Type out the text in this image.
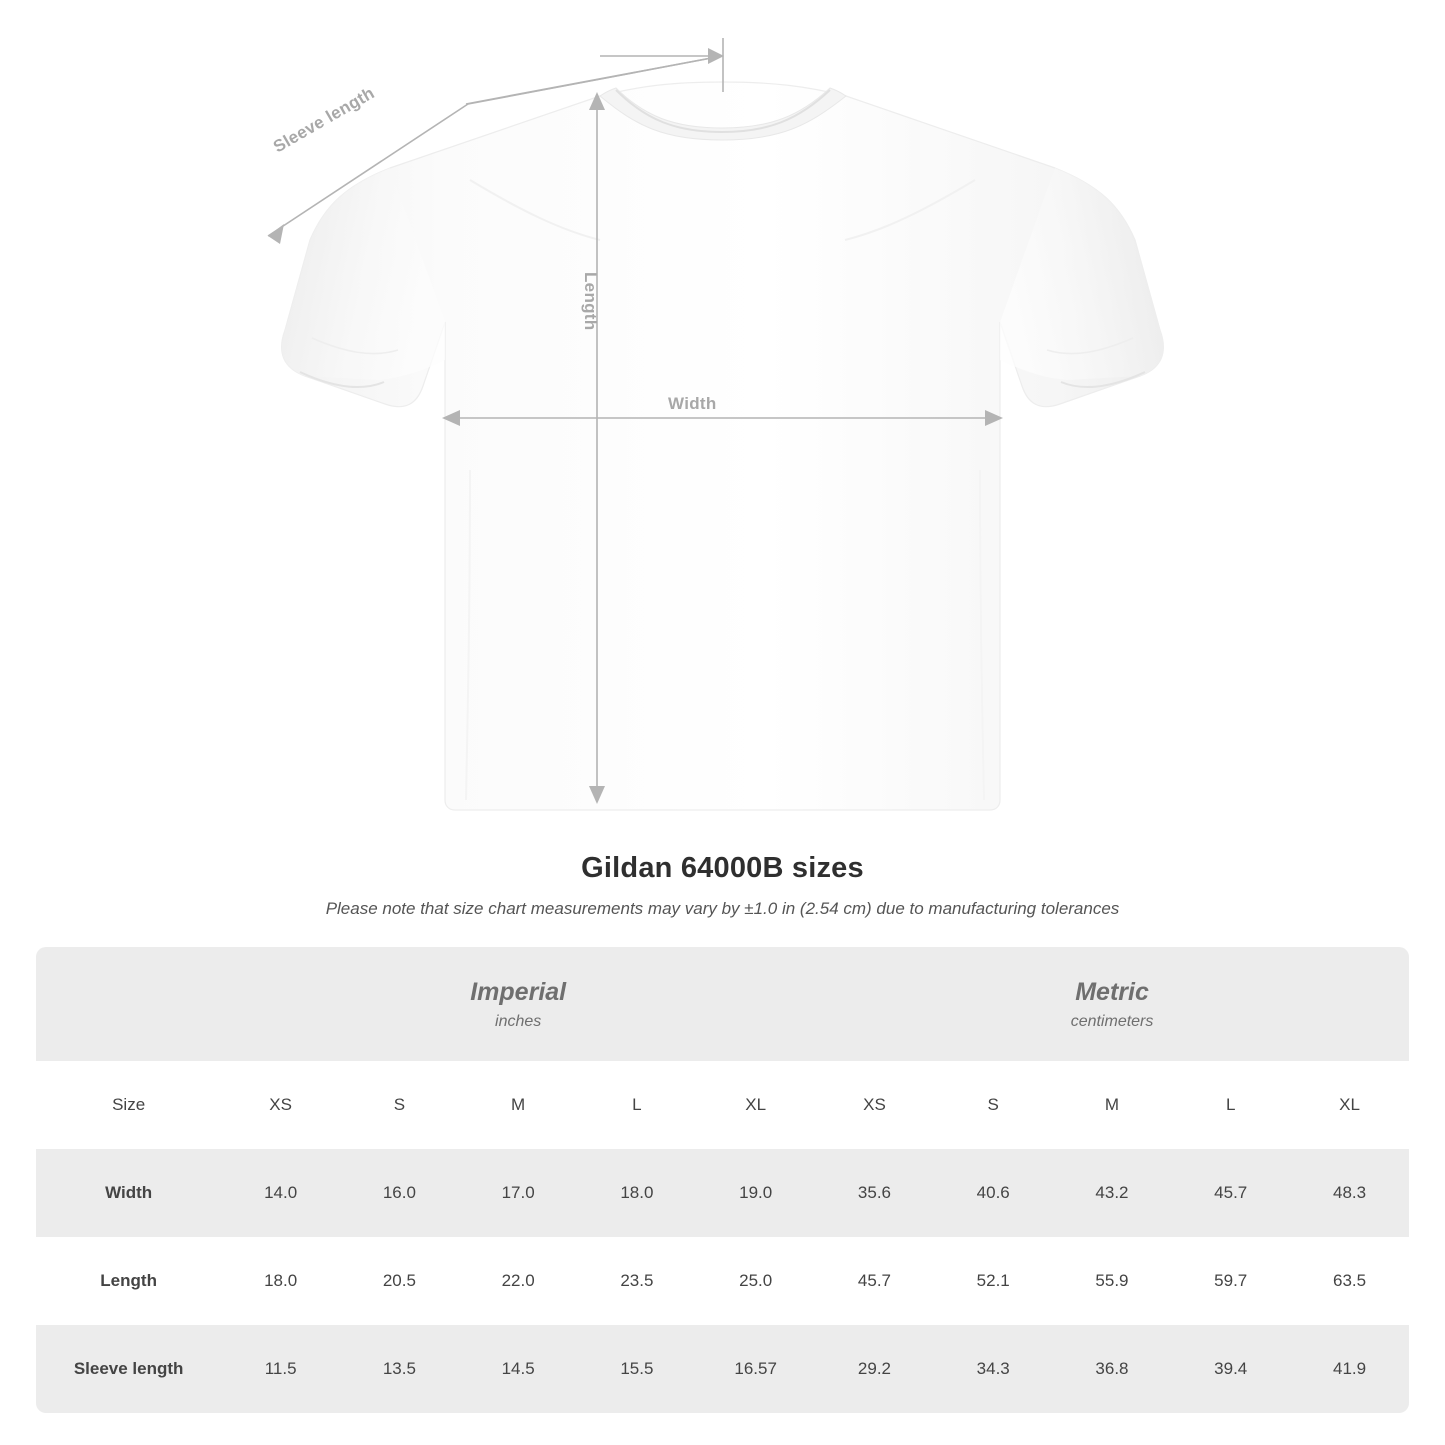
Sleeve length
Length
Width
Gildan 64000B sizes

Please note that size chart measurements may vary by ±1.0 in (2.54 cm) due to manufacturing tolerances

Imperial
inches

Metric
centimeters

Size	XS	S	M	L	XL	XS	S	M	L	XL
Width	14.0	16.0	17.0	18.0	19.0	35.6	40.6	43.2	45.7	48.3
Length	18.0	20.5	22.0	23.5	25.0	45.7	52.1	55.9	59.7	63.5
Sleeve length	11.5	13.5	14.5	15.5	16.57	29.2	34.3	36.8	39.4	41.9
